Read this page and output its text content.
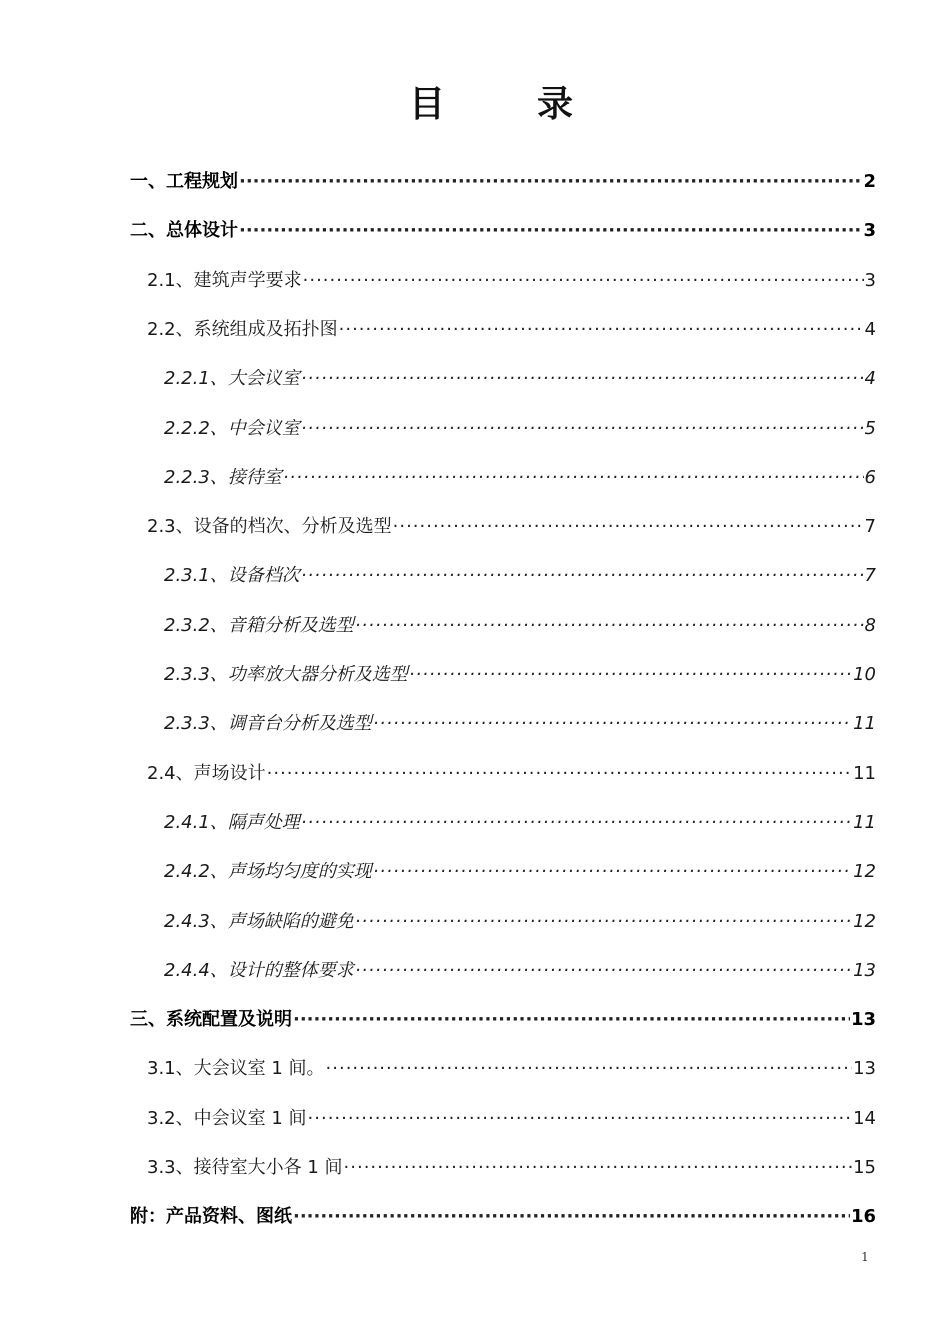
目　录
一、工程规划 ·····	2
二、总体设计 ·····	3
2.1、建筑声学要求 ·····	3
2.2、系统组成及拓扑图 ·····	4
2.2.1、大会议室 ·····	4
2.2.2、中会议室 ·····	5
2.2.3、接待室 ·····	6
2.3、设备的档次、分析及选型 ·····	7
2.3.1、设备档次 ·····	7
2.3.2、音箱分析及选型 ·····	8
2.3.3、功率放大器分析及选型 ·····	10
2.3.3、调音台分析及选型 ·····	11
2.4、声场设计 ·····	11
2.4.1、隔声处理 ·····	11
2.4.2、声场均匀度的实现 ·····	12
2.4.3、声场缺陷的避免 ·····	12
2.4.4、设计的整体要求 ·····	13
三、系统配置及说明 ·····	13
3.1、大会议室 1 间。 ·····	13
3.2、中会议室 1 间 ·····	14
3.3、接待室大小各 1 间 ·····	15
附：产品资料、图纸 ·····	16
1
